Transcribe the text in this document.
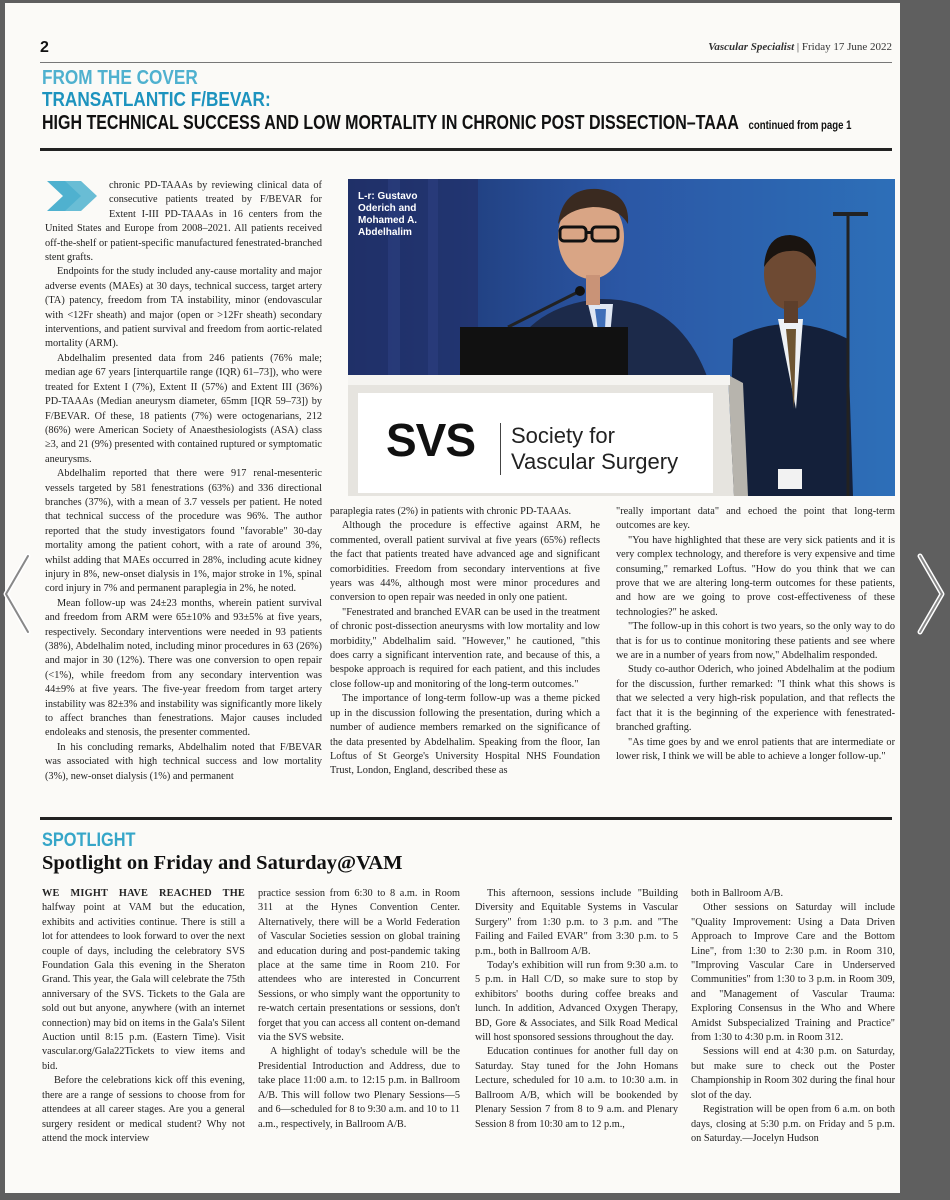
2	Vascular Specialist | Friday 17 June 2022
FROM THE COVER
TRANSATLANTIC F/BEVAR:
HIGH TECHNICAL SUCCESS AND LOW MORTALITY IN CHRONIC POST DISSECTION–TAAA continued from page 1

chronic PD-TAAAs by reviewing clinical data of consecutive patients treated by F/BEVAR for Extent I-III PD-TAAAs in 16 centers from the United States and Europe from 2008–2021. All patients received off-the-shelf or patient-specific manufactured fenestrated-branched stent grafts.

Endpoints for the study included any-cause mortality and major adverse events (MAEs) at 30 days, technical success, target artery (TA) patency, freedom from TA instability, minor (endovascular with <12Fr sheath) and major (open or >12Fr sheath) secondary interventions, and patient survival and freedom from aortic-related mortality (ARM).

Abdelhalim presented data from 246 patients (76% male; median age 67 years [interquartile range (IQR) 61–73]), who were treated for Extent I (7%), Extent II (57%) and Extent III (36%) PD-TAAAs (Median aneurysm diameter, 65mm [IQR 59–73]) by F/BEVAR. Of these, 18 patients (7%) were octogenarians, 212 (86%) were American Society of Anaesthesiologists (ASA) class ≥3, and 21 (9%) presented with contained ruptured or symptomatic aneurysms.

Abdelhalim reported that there were 917 renal-mesenteric vessels targeted by 581 fenestrations (63%) and 336 directional branches (37%), with a mean of 3.7 vessels per patient. He noted that technical success of the procedure was 96%. The author reported that the study investigators found "favorable" 30-day mortality among the patient cohort, with a rate of around 3%, whilst adding that MAEs occurred in 28%, including acute kidney injury in 8%, new-onset dialysis in 1%, major stroke in 1%, spinal cord injury in 7% and permanent paraplegia in 2%, he noted.

Mean follow-up was 24±23 months, wherein patient survival and freedom from ARM were 65±10% and 93±5% at five years, respectively. Secondary interventions were needed in 93 patients (38%), Abdelhalim noted, including minor procedures in 63 (26%) and major in 30 (12%). There was one conversion to open repair (<1%), while freedom from any secondary intervention was 44±9% at five years. The five-year freedom from target artery instability was 82±3% and instability was significantly more likely to affect branches than fenestrations. Major causes included endoleaks and stenosis, the presenter commented.

In his concluding remarks, Abdelhalim noted that F/BEVAR was associated with high technical success and low mortality (3%), new-onset dialysis (1%) and permanent

L-r: Gustavo Oderich and Mohamed A. Abdelhalim
SVS Society for
Vascular Surgery

paraplegia rates (2%) in patients with chronic PD-TAAAs.

Although the procedure is effective against ARM, he commented, overall patient survival at five years (65%) reflects the fact that patients treated have advanced age and significant comorbidities. Freedom from secondary interventions at five years was 44%, although most were minor procedures and conversion to open repair was needed in only one patient.

"Fenestrated and branched EVAR can be used in the treatment of chronic post-dissection aneurysms with low mortality and low morbidity," Abdelhalim said. "However," he cautioned, "this does carry a significant intervention rate, and because of this, a bespoke approach is required for each patient, and this includes close follow-up and monitoring of the long-term outcomes."

The importance of long-term follow-up was a theme picked up in the discussion following the presentation, during which a number of audience members remarked on the significance of the data presented by Abdelhalim. Speaking from the floor, Ian Loftus of St George's University Hospital NHS Foundation Trust, London, England, described these as

"really important data" and echoed the point that long-term outcomes are key.

"You have highlighted that these are very sick patients and it is very complex technology, and therefore is very expensive and time consuming," remarked Loftus. "How do you think that we can prove that we are altering long-term outcomes for these patients, and how are we going to prove cost-effectiveness of these technologies?" he asked.

"The follow-up in this cohort is two years, so the only way to do that is for us to continue monitoring these patients and see where we are in a number of years from now," Abdelhalim responded.

Study co-author Oderich, who joined Abdelhalim at the podium for the discussion, further remarked: "I think what this shows is that we selected a very high-risk population, and that reflects the fact that it is the beginning of the experience with fenestrated-branched grafting.

"As time goes by and we enrol patients that are intermediate or lower risk, I think we will be able to achieve a longer follow-up."

SPOTLIGHT
Spotlight on Friday and Saturday@VAM

WE MIGHT HAVE REACHED THE halfway point at VAM but the education, exhibits and activities continue. There is still a lot for attendees to look forward to over the next couple of days, including the celebratory SVS Foundation Gala this evening in the Sheraton Grand. This year, the Gala will celebrate the 75th anniversary of the SVS. Tickets to the Gala are sold out but anyone, anywhere (with an internet connection) may bid on items in the Gala's Silent Auction until 8:15 p.m. (Eastern Time). Visit vascular.org/Gala22Tickets to view items and bid.

Before the celebrations kick off this evening, there are a range of sessions to choose from for attendees at all career stages. Are you a general surgery resident or medical student? Why not attend the mock interview

practice session from 6:30 to 8 a.m. in Room 311 at the Hynes Convention Center. Alternatively, there will be a World Federation of Vascular Societies session on global training and education during and post-pandemic taking place at the same time in Room 210. For attendees who are interested in Concurrent Sessions, or who simply want the opportunity to re-watch certain presentations or sessions, don't forget that you can access all content on-demand via the SVS website.

A highlight of today's schedule will be the Presidential Introduction and Address, due to take place 11:00 a.m. to 12:15 p.m. in Ballroom A/B. This will follow two Plenary Sessions—5 and 6—scheduled for 8 to 9:30 a.m. and 10 to 11 a.m., respectively, in Ballroom A/B.

This afternoon, sessions include "Building Diversity and Equitable Systems in Vascular Surgery" from 1:30 p.m. to 3 p.m. and "The Failing and Failed EVAR" from 3:30 p.m. to 5 p.m., both in Ballroom A/B.

Today's exhibition will run from 9:30 a.m. to 5 p.m. in Hall C/D, so make sure to stop by exhibitors' booths during coffee breaks and lunch. In addition, Advanced Oxygen Therapy, BD, Gore & Associates, and Silk Road Medical will host sponsored sessions throughout the day.

Education continues for another full day on Saturday. Stay tuned for the John Homans Lecture, scheduled for 10 a.m. to 10:30 a.m. in Ballroom A/B, which will be bookended by Plenary Session 7 from 8 to 9 a.m. and Plenary Session 8 from 10:30 am to 12 p.m.,

both in Ballroom A/B.

Other sessions on Saturday will include "Quality Improvement: Using a Data Driven Approach to Improve Care and the Bottom Line", from 1:30 to 2:30 p.m. in Room 310, "Improving Vascular Care in Underserved Communities" from 1:30 to 3 p.m. in Room 309, and "Management of Vascular Trauma: Exploring Consensus in the Who and Where Amidst Subspecialized Training and Practice" from 1:30 to 4:30 p.m. in Room 312.

Sessions will end at 4:30 p.m. on Saturday, but make sure to check out the Poster Championship in Room 302 during the final hour slot of the day.

Registration will be open from 6 a.m. on both days, closing at 5:30 p.m. on Friday and 5 p.m. on Saturday.—Jocelyn Hudson
